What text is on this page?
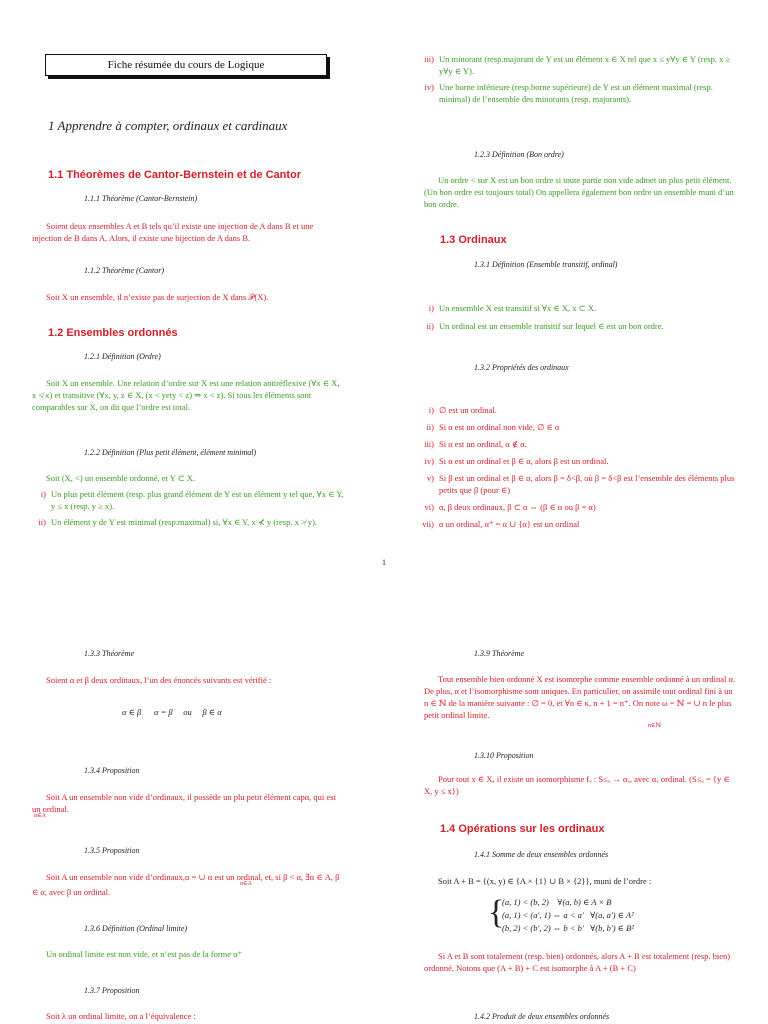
Fiche résumée du cours de Logique
1 Apprendre à compter, ordinaux et cardinaux
1.1 Théorèmes de Cantor-Bernstein et de Cantor
1.1.1 Théorème (Cantor-Bernstein)
Soient deux ensembles A et B tels qu’il existe une injection de A dans B et une injection de B dans A. Alors, il existe une bijection de A dans B.
1.1.2 Théorème (Cantor)
Soit X un ensemble, il n’existe pas de surjection de X dans 𝒫(X).
1.2 Ensembles ordonnés
1.2.1 Définition (Ordre)
Soit X un ensemble. Une relation d’ordre sur X est une relation antiréflexive (∀x ∈ X, x ≮ x) et transitive (∀x, y, z ∈ X, (x < yety < z) ⇒ x < z). Si tous les éléments sont comparables sur X, on dit que l’ordre est total.
1.2.2 Définition (Plus petit élément, élément minimal)
Soit (X, <) un ensemble ordonné, et Y ⊂ X.
i) Un plus petit élément (resp. plus grand élément de Y est un élément y tel que, ∀x ∈ Y, y ≤ x (resp. y ≥ x).
ii) Un élément y de Y est minimal (resp.maximal) si, ∀x ∈ Y, x ⊀ y (resp. x ≯ y).
iii) Un minorant (resp.majorant de Y est un élément x ∈ X tel que x ≤ y∀y ∈ Y (resp. x ≥ y∀y ∈ Y).
iv) Une borne inférieure (resp.borne supérieure) de Y est un élément maximal (resp. minimal) de l’ensemble des minorants (resp. majorants).
1.2.3 Définition (Bon ordre)
Un ordre < sur X est un bon ordre si toute partie non vide admet un plus petit élément. (Un bon ordre est toujours total) On appellera également bon ordre un ensemble muni d’un bon ordre.
1.3 Ordinaux
1.3.1 Définition (Ensemble transitif, ordinal)
i) Un ensemble X est transitif si ∀x ∈ X, x ⊂ X.
ii) Un ordinal est un ensemble transitif sur lequel ∈ est un bon ordre.
1.3.2 Propriétés des ordinaux
i) ∅ est un ordinal.
ii) Si α est un ordinal non vide, ∅ ∈ α
iii) Si α est un ordinal, α ∉ α.
iv) Si α est un ordinal et β ∈ α, alors β est un ordinal.
v) Si β est un ordinal et β ∈ α, alors β = δ<β, où β = δ<β est l’ensemble des éléments plus petits que β (pour ∈)
vi) α, β deux ordinaux, β ⊂ α ⇔ (β ∈ α ou β = α)
vii) α un ordinal, α⁺ = α ∪ {α} est un ordinal
1
1.3.3 Théorème
Soient α et β deux ordinaux, l’un des énoncés suivants est vérifié :
α ∈ β      α = β     ou     β ∈ α
1.3.4 Proposition
Soit A un ensemble non vide d’ordinaux, il possède un plu petit élément capα, qui est un ordinal.
α∈A
1.3.5 Proposition
Soit A un ensemble non vide d’ordinaux,α = ∪ α est un ordinal, et, si β < α, ∃α ∈ A, β ∈ α, avec β un ordinal.
α∈A
1.3.6 Définition (Ordinal limite)
Un ordinal limite est non vide, et n’est pas de la forme α⁺
1.3.7 Proposition
Soit λ un ordinal limite, on a l’équivalence :
1.3.9 Théorème
Tout ensemble bien ordonné X est isomorphe comme ensemble ordonné à un ordinal α. De plus, α et l’isomorphisme sont uniques. En particulier, on assimile tout ordinal fini à un n ∈ ℕ de la manière suivante : ∅ = 0, et ∀n ∈ κ, n + 1 = n⁺. On note ω = ℕ = ∪ n le plus petit ordinal limite.
n∈ℕ
1.3.10 Proposition
Pour tout x ∈ X, il existe un isomorphisme fₓ : S≤ₓ → αₓ, avec αₓ ordinal. (S≤ₓ = {y ∈ X, y ≤ x})
1.4 Opérations sur les ordinaux
1.4.1 Somme de deux ensembles ordonnés
Soit A + B = {(x, y) ∈ {A × {1} ∪ B × {2}}, muni de l’ordre :
{
(a, 1) < (b, 2)    ∀(a, b) ∈ A × B
(a, 1) < (a′, 1) ⇔ a < a′   ∀(a, a′) ∈ A²
(b, 2) < (b′, 2) ⇔ b < b′   ∀(b, b′) ∈ B²
Si A et B sont totalement (resp. bien) ordonnés, alors A + B est totalement (resp. bien) ordonné. Notons que (A + B) + C est isomorphe à A + (B + C)
1.4.2 Produit de deux ensembles ordonnés
